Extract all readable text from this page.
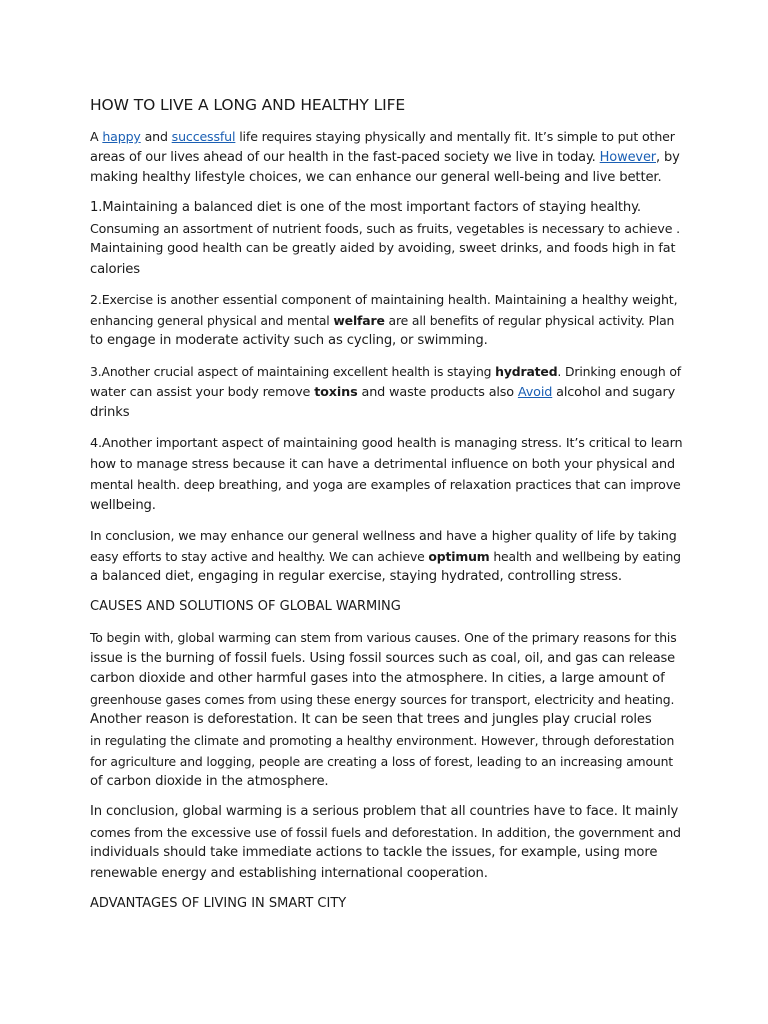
HOW TO LIVE A LONG AND HEALTHY LIFE

A happy and successful life requires staying physically and mentally fit. It’s simple to put other
areas of our lives ahead of our health in the fast-paced society we live in today. However, by
making healthy lifestyle choices, we can enhance our general well-being and live better.

1.Maintaining a balanced diet is one of the most important factors of staying healthy.
Consuming an assortment of nutrient foods, such as fruits, vegetables is necessary to achieve .
Maintaining good health can be greatly aided by avoiding, sweet drinks, and foods high in fat
calories

2.Exercise is another essential component of maintaining health. Maintaining a healthy weight,
enhancing general physical and mental welfare are all benefits of regular physical activity. Plan
to engage in moderate activity such as cycling, or swimming.

3.Another crucial aspect of maintaining excellent health is staying hydrated. Drinking enough of
water can assist your body remove toxins and waste products also Avoid alcohol and sugary
drinks

4.Another important aspect of maintaining good health is managing stress. It’s critical to learn
how to manage stress because it can have a detrimental influence on both your physical and
mental health. deep breathing, and yoga are examples of relaxation practices that can improve
wellbeing.

In conclusion, we may enhance our general wellness and have a higher quality of life by taking
easy efforts to stay active and healthy. We can achieve optimum health and wellbeing by eating
a balanced diet, engaging in regular exercise, staying hydrated, controlling stress.

CAUSES AND SOLUTIONS OF GLOBAL WARMING

To begin with, global warming can stem from various causes. One of the primary reasons for this
issue is the burning of fossil fuels. Using fossil sources such as coal, oil, and gas can release
carbon dioxide and other harmful gases into the atmosphere. In cities, a large amount of
greenhouse gases comes from using these energy sources for transport, electricity and heating.
Another reason is deforestation. It can be seen that trees and jungles play crucial roles
in regulating the climate and promoting a healthy environment. However, through deforestation
for agriculture and logging, people are creating a loss of forest, leading to an increasing amount
of carbon dioxide in the atmosphere.

In conclusion, global warming is a serious problem that all countries have to face. It mainly
comes from the excessive use of fossil fuels and deforestation. In addition, the government and
individuals should take immediate actions to tackle the issues, for example, using more
renewable energy and establishing international cooperation.

ADVANTAGES OF LIVING IN SMART CITY
